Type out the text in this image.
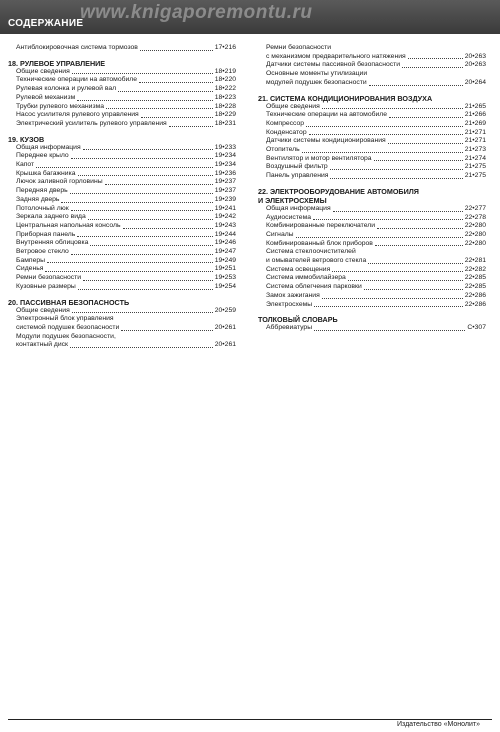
www.knigaporemontu.ru
СОДЕРЖАНИЕ
Антиблокировочная система тормозов	17•216
18. РУЛЕВОЕ УПРАВЛЕНИЕ
Общие сведения	18•219
Технические операции на автомобиле	18•220
Рулевая колонка и рулевой вал	18•222
Рулевой механизм	18•223
Трубки рулевого механизма	18•228
Насос усилителя рулевого управления	18•229
Электрический усилитель рулевого управления	18•231
19. КУЗОВ
Общая информация	19•233
Переднее крыло	19•234
Капот	19•234
Крышка багажника	19•236
Лючок заливной горловины	19•237
Передняя дверь	19•237
Задняя дверь	19•239
Потолочный люк	19•241
Зеркала заднего вида	19•242
Центральная напольная консоль	19•243
Приборная панель	19•244
Внутренняя облицовка	19•246
Ветровое стекло	19•247
Бамперы	19•249
Сиденья	19•251
Ремни безопасности	19•253
Кузовные размеры	19•254
20. ПАССИВНАЯ БЕЗОПАСНОСТЬ
Общие сведения	20•259
Электронный блок управления
системой подушек безопасности	20•261
Модули подушек безопасности,
контактный диск	20•261
Ремни безопасности
с механизмом предварительного натяжения	20•263
Датчики системы пассивной безопасности	20•263
Основные моменты утилизации
модулей подушек безопасности	20•264
21. СИСТЕМА КОНДИЦИОНИРОВАНИЯ ВОЗДУХА
Общие сведения	21•265
Технические операции на автомобиле	21•266
Компрессор	21•269
Конденсатор	21•271
Датчики системы кондиционирования	21•271
Отопитель	21•273
Вентилятор и мотор вентилятора	21•274
Воздушный фильтр	21•275
Панель управления	21•275
22. ЭЛЕКТРООБОРУДОВАНИЕ АВТОМОБИЛЯ
И ЭЛЕКТРОСХЕМЫ
Общая информация	22•277
Аудиосистема	22•278
Комбинированные переключатели	22•280
Сигналы	22•280
Комбинированный блок приборов	22•280
Система стеклоочистителей
и омывателей ветрового стекла	22•281
Система освещения	22•282
Система иммобилайзера	22•285
Система облегчения парковки	22•285
Замок зажигания	22•286
Электросхемы	22•286
ТОЛКОВЫЙ СЛОВАРЬ
Аббревиатуры	С•307
Издательство «Монолит»
